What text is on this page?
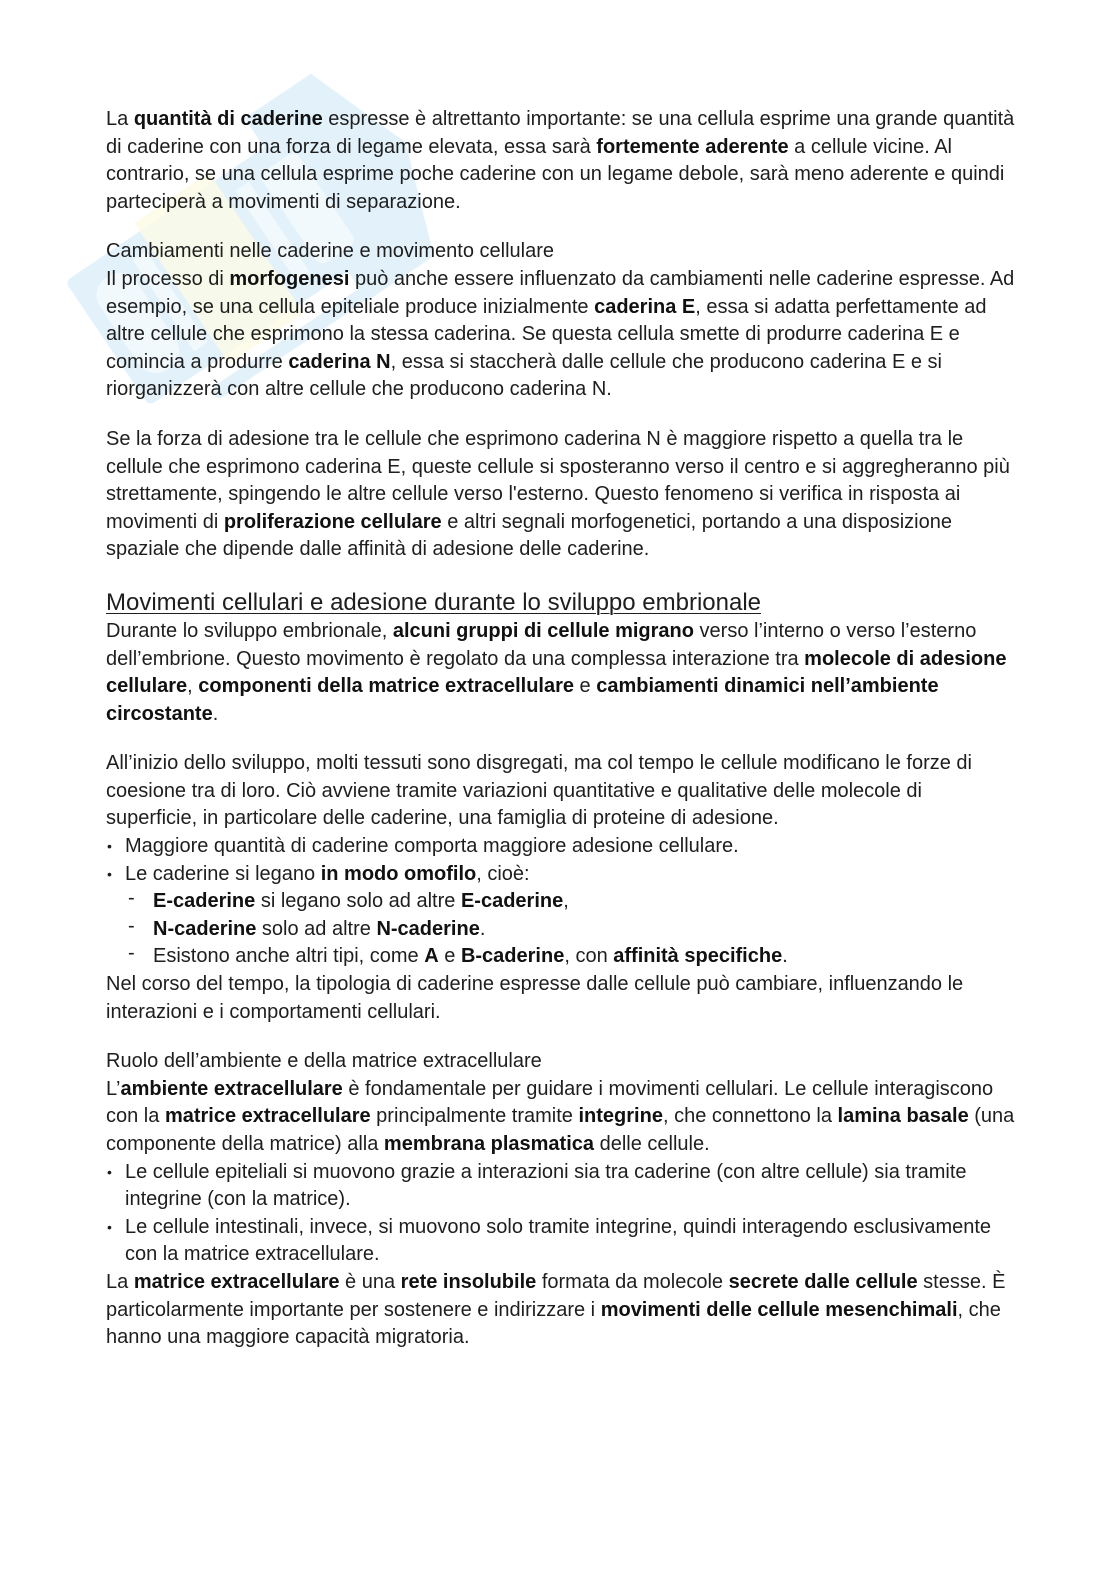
La quantità di caderine espresse è altrettanto importante: se una cellula esprime una grande quantità di caderine con una forza di legame elevata, essa sarà fortemente aderente a cellule vicine. Al contrario, se una cellula esprime poche caderine con un legame debole, sarà meno aderente e quindi parteciperà a movimenti di separazione.

Cambiamenti nelle caderine e movimento cellulare

Il processo di morfogenesi può anche essere influenzato da cambiamenti nelle caderine espresse. Ad esempio, se una cellula epiteliale produce inizialmente caderina E, essa si adatta perfettamente ad altre cellule che esprimono la stessa caderina. Se questa cellula smette di produrre caderina E e comincia a produrre caderina N, essa si staccherà dalle cellule che producono caderina E e si riorganizzerà con altre cellule che producono caderina N.

Se la forza di adesione tra le cellule che esprimono caderina N è maggiore rispetto a quella tra le cellule che esprimono caderina E, queste cellule si sposteranno verso il centro e si aggregheranno più strettamente, spingendo le altre cellule verso l'esterno. Questo fenomeno si verifica in risposta ai movimenti di proliferazione cellulare e altri segnali morfogenetici, portando a una disposizione spaziale che dipende dalle affinità di adesione delle caderine.

Movimenti cellulari e adesione durante lo sviluppo embrionale

Durante lo sviluppo embrionale, alcuni gruppi di cellule migrano verso l’interno o verso l’esterno dell’embrione. Questo movimento è regolato da una complessa interazione tra molecole di adesione cellulare, componenti della matrice extracellulare e cambiamenti dinamici nell’ambiente circostante.

All’inizio dello sviluppo, molti tessuti sono disgregati, ma col tempo le cellule modificano le forze di coesione tra di loro. Ciò avviene tramite variazioni quantitative e qualitative delle molecole di superficie, in particolare delle caderine, una famiglia di proteine di adesione.

• Maggiore quantità di caderine comporta maggiore adesione cellulare.
• Le caderine si legano in modo omofilo, cioè:
‐ E-caderine si legano solo ad altre E-caderine,
‐ N-caderine solo ad altre N-caderine.
‐ Esistono anche altri tipi, come A e B-caderine, con affinità specifiche.

Nel corso del tempo, la tipologia di caderine espresse dalle cellule può cambiare, influenzando le interazioni e i comportamenti cellulari.

Ruolo dell’ambiente e della matrice extracellulare

L’ambiente extracellulare è fondamentale per guidare i movimenti cellulari. Le cellule interagiscono con la matrice extracellulare principalmente tramite integrine, che connettono la lamina basale (una componente della matrice) alla membrana plasmatica delle cellule.

• Le cellule epiteliali si muovono grazie a interazioni sia tra caderine (con altre cellule) sia tramite integrine (con la matrice).
• Le cellule intestinali, invece, si muovono solo tramite integrine, quindi interagendo esclusivamente con la matrice extracellulare.

La matrice extracellulare è una rete insolubile formata da molecole secrete dalle cellule stesse. È particolarmente importante per sostenere e indirizzare i movimenti delle cellule mesenchimali, che hanno una maggiore capacità migratoria.
